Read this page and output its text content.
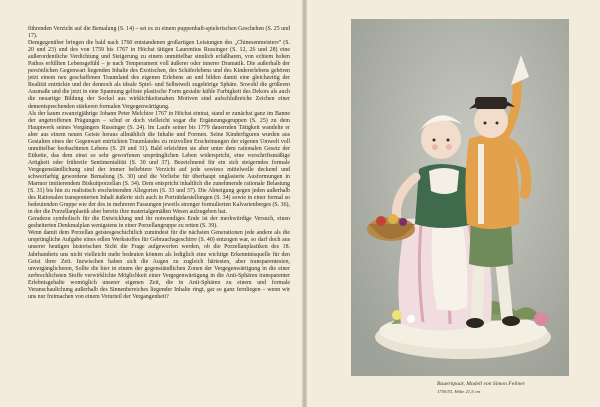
führenden Verzicht auf die Bemalung (S. 14) – sei es zu einem puppenhaft-spielerischen Geschehen (S. 25 und 17).

Demgegenüber bringen die bald nach 1760 entstandenen großartigen Leistungen des „Chinesenmeisters“ (S. 20 und 23) und des von 1759 bis 1767 in Höchst tätigen Laurentius Russinger (S. 12, 26 und 28) eine außerordentliche Verdichtung und Steigerung zu einem unmittelbar sinnlich erfaßbaren, von echtem hohen Pathos erfüllten Lebensgefühl – je nach Temperament voll äußerer oder innerer Dramatik. Die außerhalb der persönlichen Gegenwart liegenden Inhalte des Exotischen, des Schäferlebens und des Kindererlebens gehören jetzt einem neu geschaffenen Traumland des eigenen Erlebens an und bilden damit eine gleichzeitig der Realität entrückte und der dennoch als ideale Spiel- und Selbstwelt zugehörige Sphäre. Sowohl die größeren Ausmaße und die jetzt in eine Spannung gelöste plastische Form gestalte kühle Farbigkeit des Dekors als auch die neuartige Bildung der Sockel aus wirklichkeitsnahen Motiven sind aufschlußreiche Zeichen einer dementsprechenden stärkeren formalen Vergegenwärtigung.

Als der kaum zwanzigjährige Johann Peter Melchior 1767 in Höchst eintrat, stand er zunächst ganz im Banne der angetroffenen Prägungen – schuf er doch vielleicht sogar die Ergänzungsgruppen (S. 25) zu dem Hauptwerk seines Vorgängers Russinger (S. 24). Im Laufe seiner bis 1779 dauernden Tätigkeit wandelte er aber aus einem neuen Geiste heraus allmählich die Inhalte und Formen. Seine Kinderfiguren wurden aus Gestalten eines der Gegenwart entrückten Traumlandes zu reizvollen Erscheinungen der eigenen Umwelt voll unmittelbar beobachteten Lebens (S. 29 und 31). Bald erleichten sie aber unter dem rationalen Gesetz der Etikette, das dem einst so sehr geworfenen ursprünglichen Leben widerspricht, eine vorschriftsmäßige Artigkeit oder frühreife Sentimentalität (S. 30 und 37). Bezeichnend für ein sich steigerndes formale Vergegenständlichung sind der immer beliebtere Verzicht auf jede sowieso mittelwelle deckend und schwerfarbig gewordene Bemalung (S. 30) und die Vorliebe für überhaupt unglasierte Ausformungen in Marmor imitierendem Biskuitporzellan (S. 34). Dem entspricht inhaltlich die zunehmende rationale Belastung (S. 31) bis hin zu realistisch erscheinenden Allegorien (S. 33 und 37). Die Abneigung gegen jeden außerhalb des Rationalen transponierten Inhalt äußerte sich auch in Porträtdarstellungen (S. 34) sowie in einer formal so bedeutenden Gruppe wie der des in mehreren Fassungen jeweils strenger formulierten Kalvarienberges (S. 36), in der die Porzellanplastik aber bereits ihre materialgemäßen Wesen aufzugeben hat.

Geradezu symbolisch für die Entwicklung und ihr notwendiges Ende ist der merkwürdige Versuch, einen gesheiterten Denkmalplan wenigstens in einer Porzellangruppe zu retten (S. 39).

Wenn damit dem Porzellan geistesgeschichtlich zumindest für die nächsten Generationen jede andere als die ursprüngliche Aufgabe eines edlen Werkstoffes für Gebrauchsgeschirre (S. 40) entzogen war, so darf doch aus unserer heutigen historischen Sicht die Frage aufgeworfen werden, ob die Porzellanplastiken des 18. Jahrhunderts uns nicht vielleicht mehr bedeuten können als lediglich eine wichtige Erkenntnisquelle für den Geist ihrer Zeit. Inzwischen haben sich die Augen zu zugleich härtesten, aber transparentesten, unvergänglicheren, Sollte die hier in einem der gegenständlichen Zonen der Vergegenwärtigung in die einer zerbrechlichsten Stoffe verwirklichte Möglichkeit einer Vergegenwärtigung in die Anti-Sphären transparenter Erlebnisgehalte womöglich unserer eigenen Zeit, die in Anti-Sphären zu einem und formale Veranschaulichung außerhalb des Sinnenbereiches liegender Inhalte ringt, gar so ganz fernliegen – wenn wir uns nur freimachen von einem Vorurteil der Vergangenheit?

Bauernpaar, Modell von Simon Feilner
1750/53, Höhe 21,5 cm
